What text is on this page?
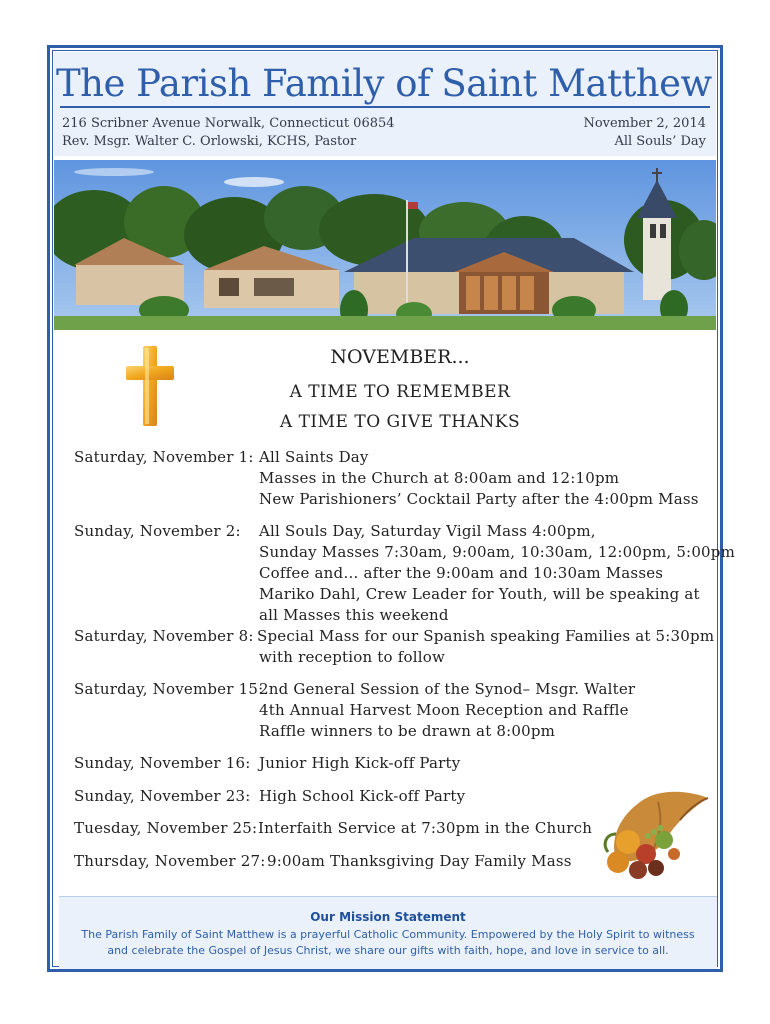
The Parish Family of Saint Matthew
216 Scribner Avenue Norwalk, Connecticut 06854
Rev. Msgr. Walter C. Orlowski, KCHS, Pastor
November 2, 2014
All Souls’ Day
NOVEMBER...
A TIME TO REMEMBER
A TIME TO GIVE THANKS
Saturday, November 1: All Saints Day
Masses in the Church at 8:00am and 12:10pm
New Parishioners’ Cocktail Party after the 4:00pm Mass
Sunday, November 2: All Souls Day, Saturday Vigil Mass 4:00pm,
Sunday Masses 7:30am, 9:00am, 10:30am, 12:00pm, 5:00pm
Coffee and… after the 9:00am and 10:30am Masses
Mariko Dahl, Crew Leader for Youth, will be speaking at
all Masses this weekend
Saturday, November 8: Special Mass for our Spanish speaking Families at 5:30pm
with reception to follow
Saturday, November 15:
2nd General Session of the Synod– Msgr. Walter
4th Annual Harvest Moon Reception and Raffle
Raffle winners to be drawn at 8:00pm
Sunday, November 16: Junior High Kick-off Party
Sunday, November 23: High School Kick-off Party
Tuesday, November 25: Interfaith Service at 7:30pm in the Church
Thursday, November 27: 9:00am Thanksgiving Day Family Mass
Our Mission Statement
The Parish Family of Saint Matthew is a prayerful Catholic Community. Empowered by the Holy Spirit to witness
and celebrate the Gospel of Jesus Christ, we share our gifts with faith, hope, and love in service to all.
